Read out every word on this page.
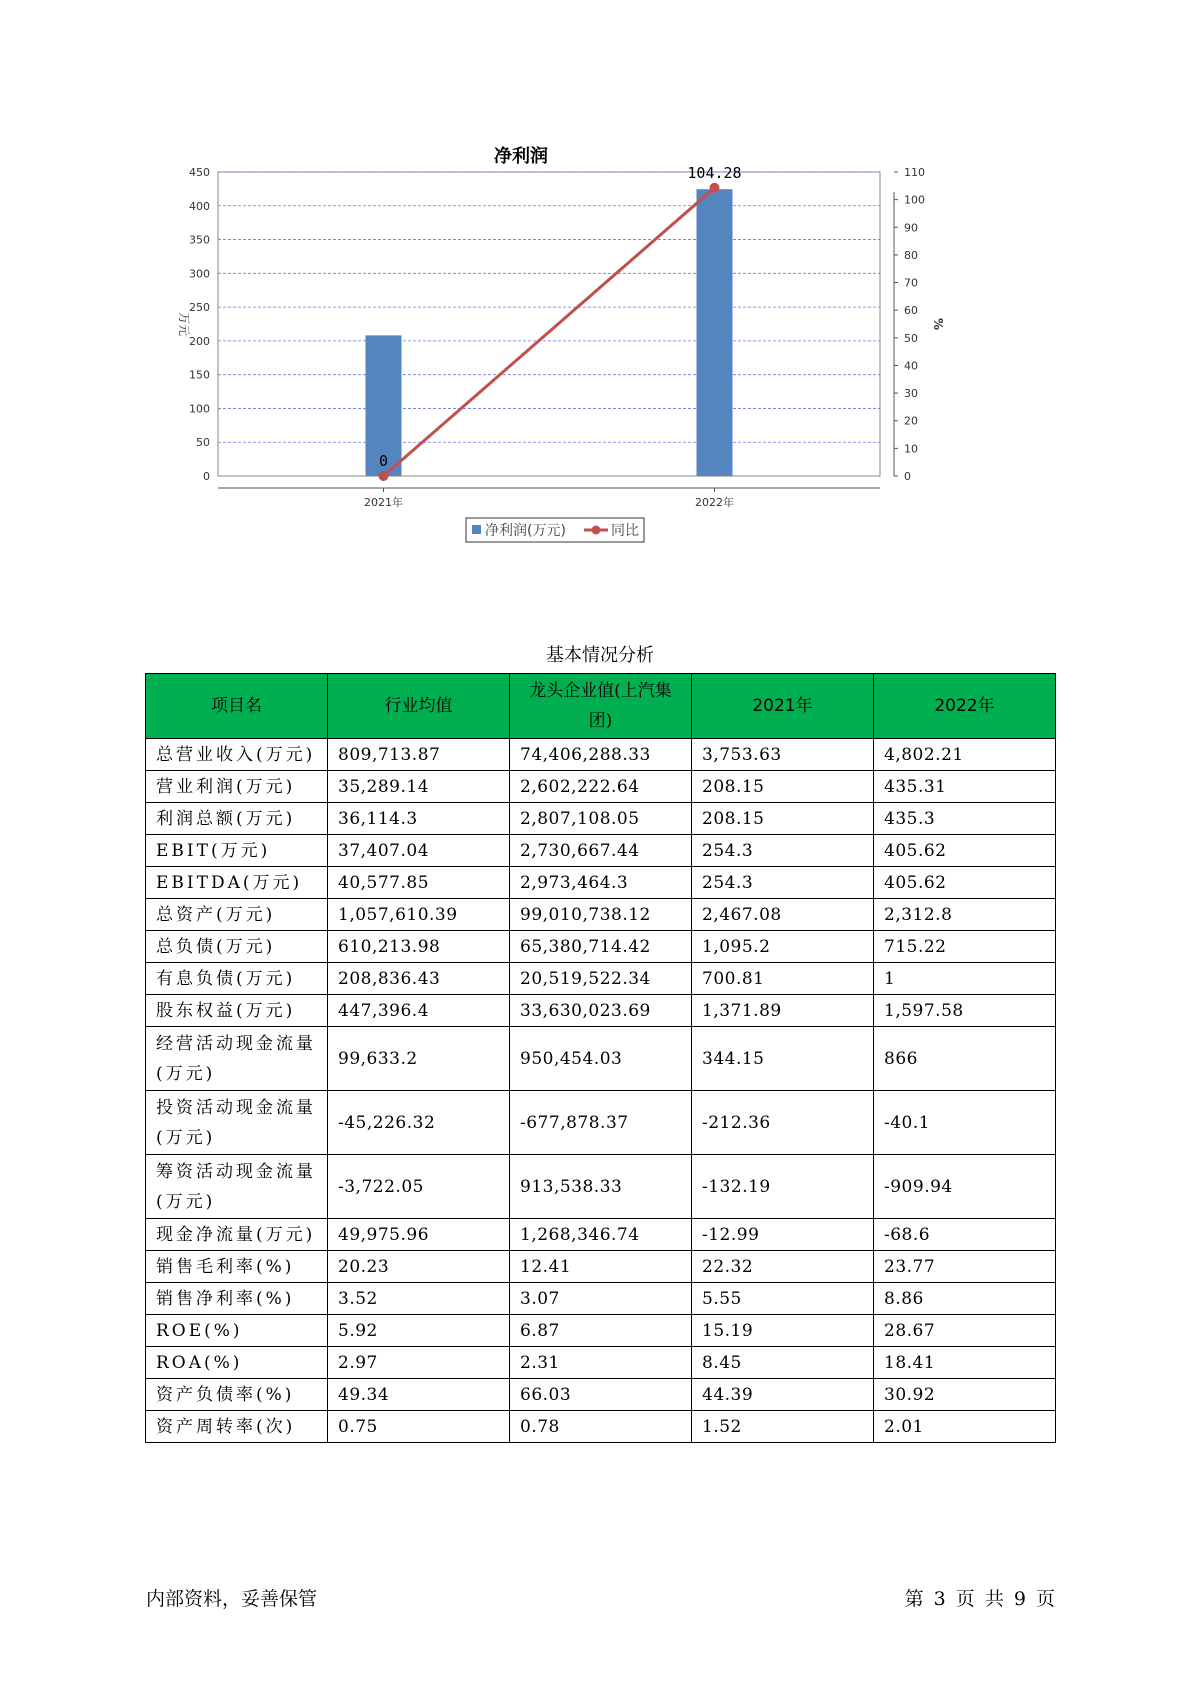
净利润
0
50
100
150
200
250
300
350
400
450
0
10
20
30
40
50
60
70
80
90
100
110
2021年	2022年
万元	%
0
104.28
净利润(万元)	同比
基本情况分析
项目名	行业均值	龙头企业值(上汽集团)	2021年	2022年
总营业收入(万元)	809,713.87	74,406,288.33	3,753.63	4,802.21
营业利润(万元)	35,289.14	2,602,222.64	208.15	435.31
利润总额(万元)	36,114.3	2,807,108.05	208.15	435.3
EBIT(万元)	37,407.04	2,730,667.44	254.3	405.62
EBITDA(万元)	40,577.85	2,973,464.3	254.3	405.62
总资产(万元)	1,057,610.39	99,010,738.12	2,467.08	2,312.8
总负债(万元)	610,213.98	65,380,714.42	1,095.2	715.22
有息负债(万元)	208,836.43	20,519,522.34	700.81	1
股东权益(万元)	447,396.4	33,630,023.69	1,371.89	1,597.58
经营活动现金流量(万元)	99,633.2	950,454.03	344.15	866
投资活动现金流量(万元)	-45,226.32	-677,878.37	-212.36	-40.1
筹资活动现金流量(万元)	-3,722.05	913,538.33	-132.19	-909.94
现金净流量(万元)	49,975.96	1,268,346.74	-12.99	-68.6
销售毛利率(%)	20.23	12.41	22.32	23.77
销售净利率(%)	3.52	3.07	5.55	8.86
ROE(%)	5.92	6.87	15.19	28.67
ROA(%)	2.97	2.31	8.45	18.41
资产负债率(%)	49.34	66.03	44.39	30.92
资产周转率(次)	0.75	0.78	1.52	2.01
内部资料，妥善保管	第 3 页 共 9 页
